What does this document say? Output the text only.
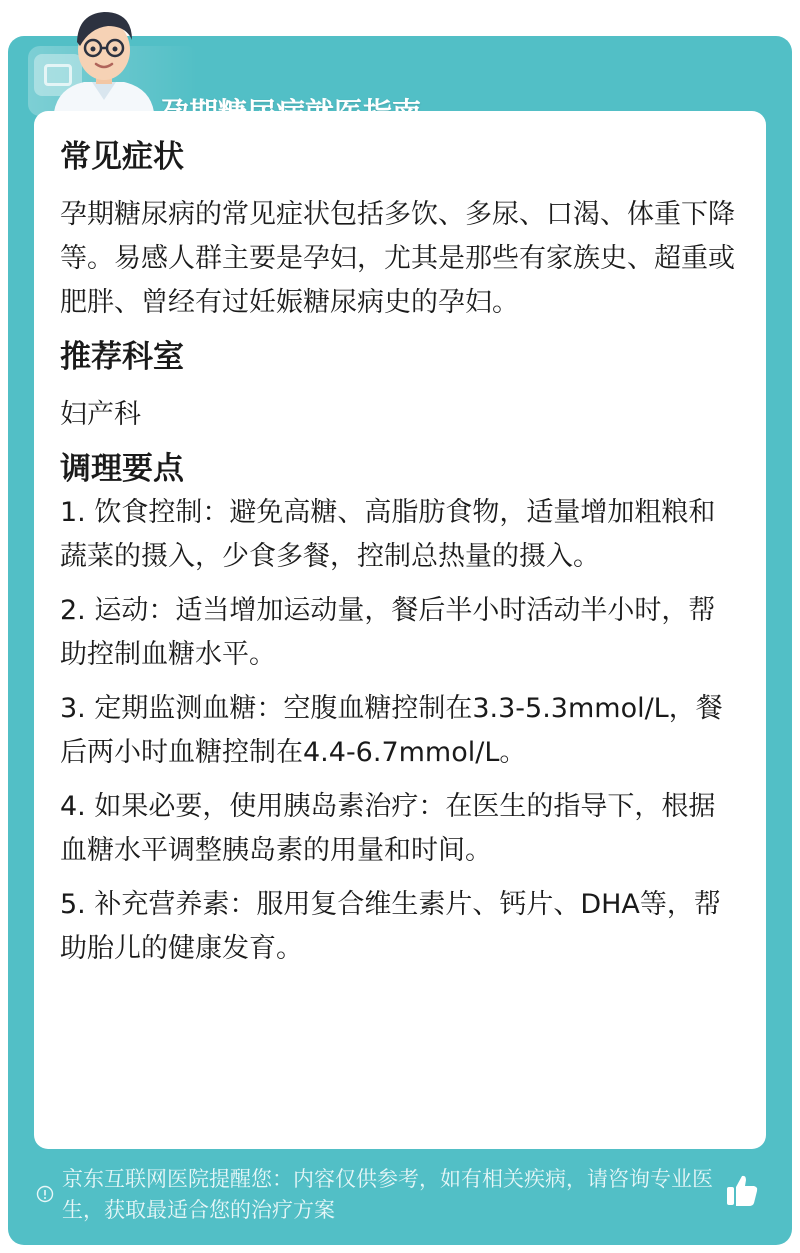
常见症状

孕期糖尿病的常见症状包括多饮、多尿、口渴、体重下降等。易感人群主要是孕妇，尤其是那些有家族史、超重或肥胖、曾经有过妊娠糖尿病史的孕妇。

推荐科室

妇产科

调理要点

1. 饮食控制：避免高糖、高脂肪食物，适量增加粗粮和蔬菜的摄入，少食多餐，控制总热量的摄入。

2. 运动：适当增加运动量，餐后半小时活动半小时，帮助控制血糖水平。

3. 定期监测血糖：空腹血糖控制在3.3-5.3mmol/L，餐后两小时血糖控制在4.4-6.7mmol/L。

4. 如果必要，使用胰岛素治疗：在医生的指导下，根据血糖水平调整胰岛素的用量和时间。

5. 补充营养素：服用复合维生素片、钙片、DHA等，帮助胎儿的健康发育。

京东互联网医院提醒您：内容仅供参考，如有相关疾病，请咨询专业医生，获取最适合您的治疗方案
